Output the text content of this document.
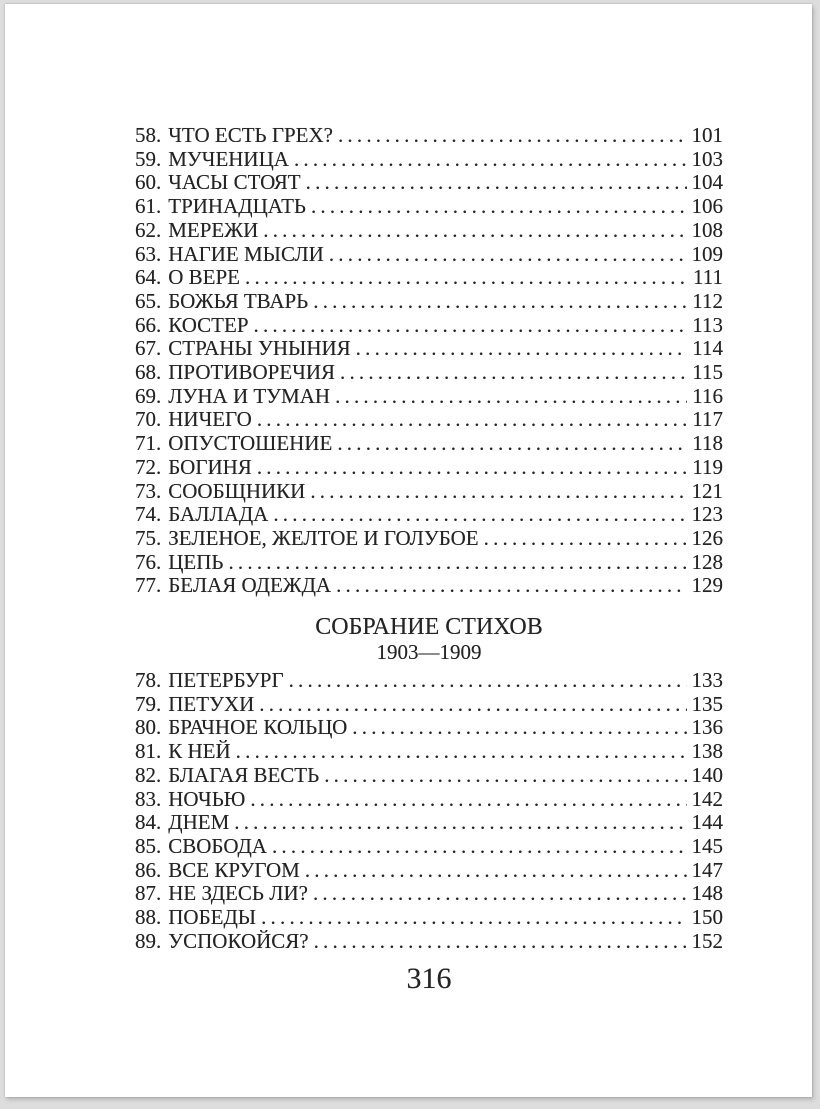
58. ЧТО ЕСТЬ ГРЕХ? .....	101
59. МУЧЕНИЦА .....	103
60. ЧАСЫ СТОЯТ .....	104
61. ТРИНАДЦАТЬ .....	106
62. МЕРЕЖИ .....	108
63. НАГИЕ МЫСЛИ .....	109
64. О ВЕРЕ .....	111
65. БОЖЬЯ ТВАРЬ .....	112
66. КОСТЕР .....	113
67. СТРАНЫ УНЫНИЯ .....	114
68. ПРОТИВОРЕЧИЯ .....	115
69. ЛУНА И ТУМАН .....	116
70. НИЧЕГО .....	117
71. ОПУСТОШЕНИЕ .....	118
72. БОГИНЯ .....	119
73. СООБЩНИКИ .....	121
74. БАЛЛАДА .....	123
75. ЗЕЛЕНОЕ, ЖЕЛТОЕ И ГОЛУБОЕ .....	126
76. ЦЕПЬ .....	128
77. БЕЛАЯ ОДЕЖДА .....	129
СОБРАНИЕ СТИХОВ
1903—1909
78. ПЕТЕРБУРГ .....	133
79. ПЕТУХИ .....	135
80. БРАЧНОЕ КОЛЬЦО .....	136
81. К НЕЙ .....	138
82. БЛАГАЯ ВЕСТЬ .....	140
83. НОЧЬЮ .....	142
84. ДНЕМ .....	144
85. СВОБОДА .....	145
86. ВСЕ КРУГОМ .....	147
87. НЕ ЗДЕСЬ ЛИ? .....	148
88. ПОБЕДЫ .....	150
89. УСПОКОЙСЯ? .....	152
316
